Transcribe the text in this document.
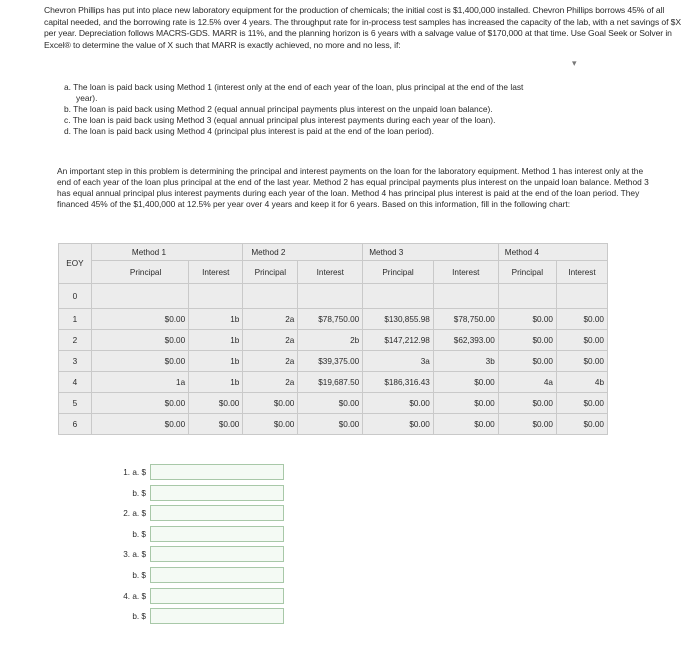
Chevron Phillips has put into place new laboratory equipment for the production of chemicals; the initial cost is $1,400,000 installed. Chevron Phillips borrows 45% of all capital needed, and the borrowing rate is 12.5% over 4 years. The throughput rate for in-process test samples has increased the capacity of the lab, with a net savings of $X per year. Depreciation follows MACRS-GDS. MARR is 11%, and the planning horizon is 6 years with a salvage value of $170,000 at that time. Use Goal Seek or Solver in Excel® to determine the value of X such that MARR is exactly achieved, no more and no less, if:
a. The loan is paid back using Method 1 (interest only at the end of each year of the loan, plus principal at the end of the last
year).
b. The loan is paid back using Method 2 (equal annual principal payments plus interest on the unpaid loan balance).
c. The loan is paid back using Method 3 (equal annual principal plus interest payments during each year of the loan).
d. The loan is paid back using Method 4 (principal plus interest is paid at the end of the loan period).
An important step in this problem is determining the principal and interest payments on the loan for the laboratory equipment. Method 1 has interest only at the end of each year of the loan plus principal at the end of the last year. Method 2 has equal principal payments plus interest on the unpaid loan balance. Method 3 has equal annual principal plus interest payments during each year of the loan. Method 4 has principal plus interest is paid at the end of the loan period. They financed 45% of the $1,400,000 at 12.5% per year over 4 years and keep it for 6 years. Based on this information, fill in the following chart:
▾
EOY	Method 1		Method 2		Method 3		Method 4	
	Principal	Interest	Principal	Interest	Principal	Interest	Principal	Interest
0								
1	$0.00	1b	2a	$78,750.00	$130,855.98	$78,750.00	$0.00	$0.00
2	$0.00	1b	2a	2b	$147,212.98	$62,393.00	$0.00	$0.00
3	$0.00	1b	2a	$39,375.00	3a	3b	$0.00	$0.00
4	1a	1b	2a	$19,687.50	$186,316.43	$0.00	4a	4b
5	$0.00	$0.00	$0.00	$0.00	$0.00	$0.00	$0.00	$0.00
6	$0.00	$0.00	$0.00	$0.00	$0.00	$0.00	$0.00	$0.00
1. a. $
b. $
2. a. $
b. $
3. a. $
b. $
4. a. $
b. $
